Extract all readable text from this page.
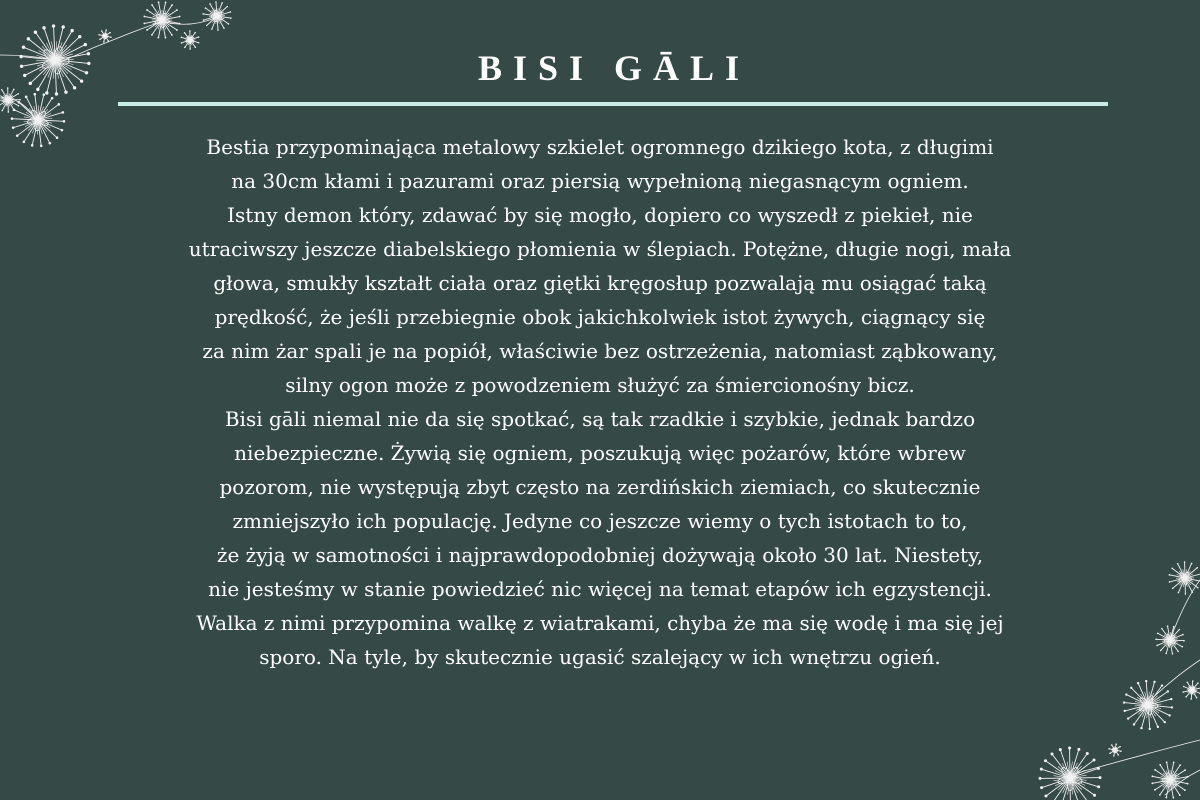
BISI GĀLI
Bestia przypominająca metalowy szkielet ogromnego dzikiego kota, z długimi
na 30cm kłami i pazurami oraz piersią wypełnioną niegasnącym ogniem.
Istny demon który, zdawać by się mogło, dopiero co wyszedł z piekieł, nie
utraciwszy jeszcze diabelskiego płomienia w ślepiach. Potężne, długie nogi, mała
głowa, smukły kształt ciała oraz giętki kręgosłup pozwalają mu osiągać taką
prędkość, że jeśli przebiegnie obok jakichkolwiek istot żywych, ciągnący się
za nim żar spali je na popiół, właściwie bez ostrzeżenia, natomiast ząbkowany,
silny ogon może z powodzeniem służyć za śmiercionośny bicz.
Bisi gāli niemal nie da się spotkać, są tak rzadkie i szybkie, jednak bardzo
niebezpieczne. Żywią się ogniem, poszukują więc pożarów, które wbrew
pozorom, nie występują zbyt często na zerdińskich ziemiach, co skutecznie
zmniejszyło ich populację. Jedyne co jeszcze wiemy o tych istotach to to,
że żyją w samotności i najprawdopodobniej dożywają około 30 lat. Niestety,
nie jesteśmy w stanie powiedzieć nic więcej na temat etapów ich egzystencji.
Walka z nimi przypomina walkę z wiatrakami, chyba że ma się wodę i ma się jej
sporo. Na tyle, by skutecznie ugasić szalejący w ich wnętrzu ogień.
